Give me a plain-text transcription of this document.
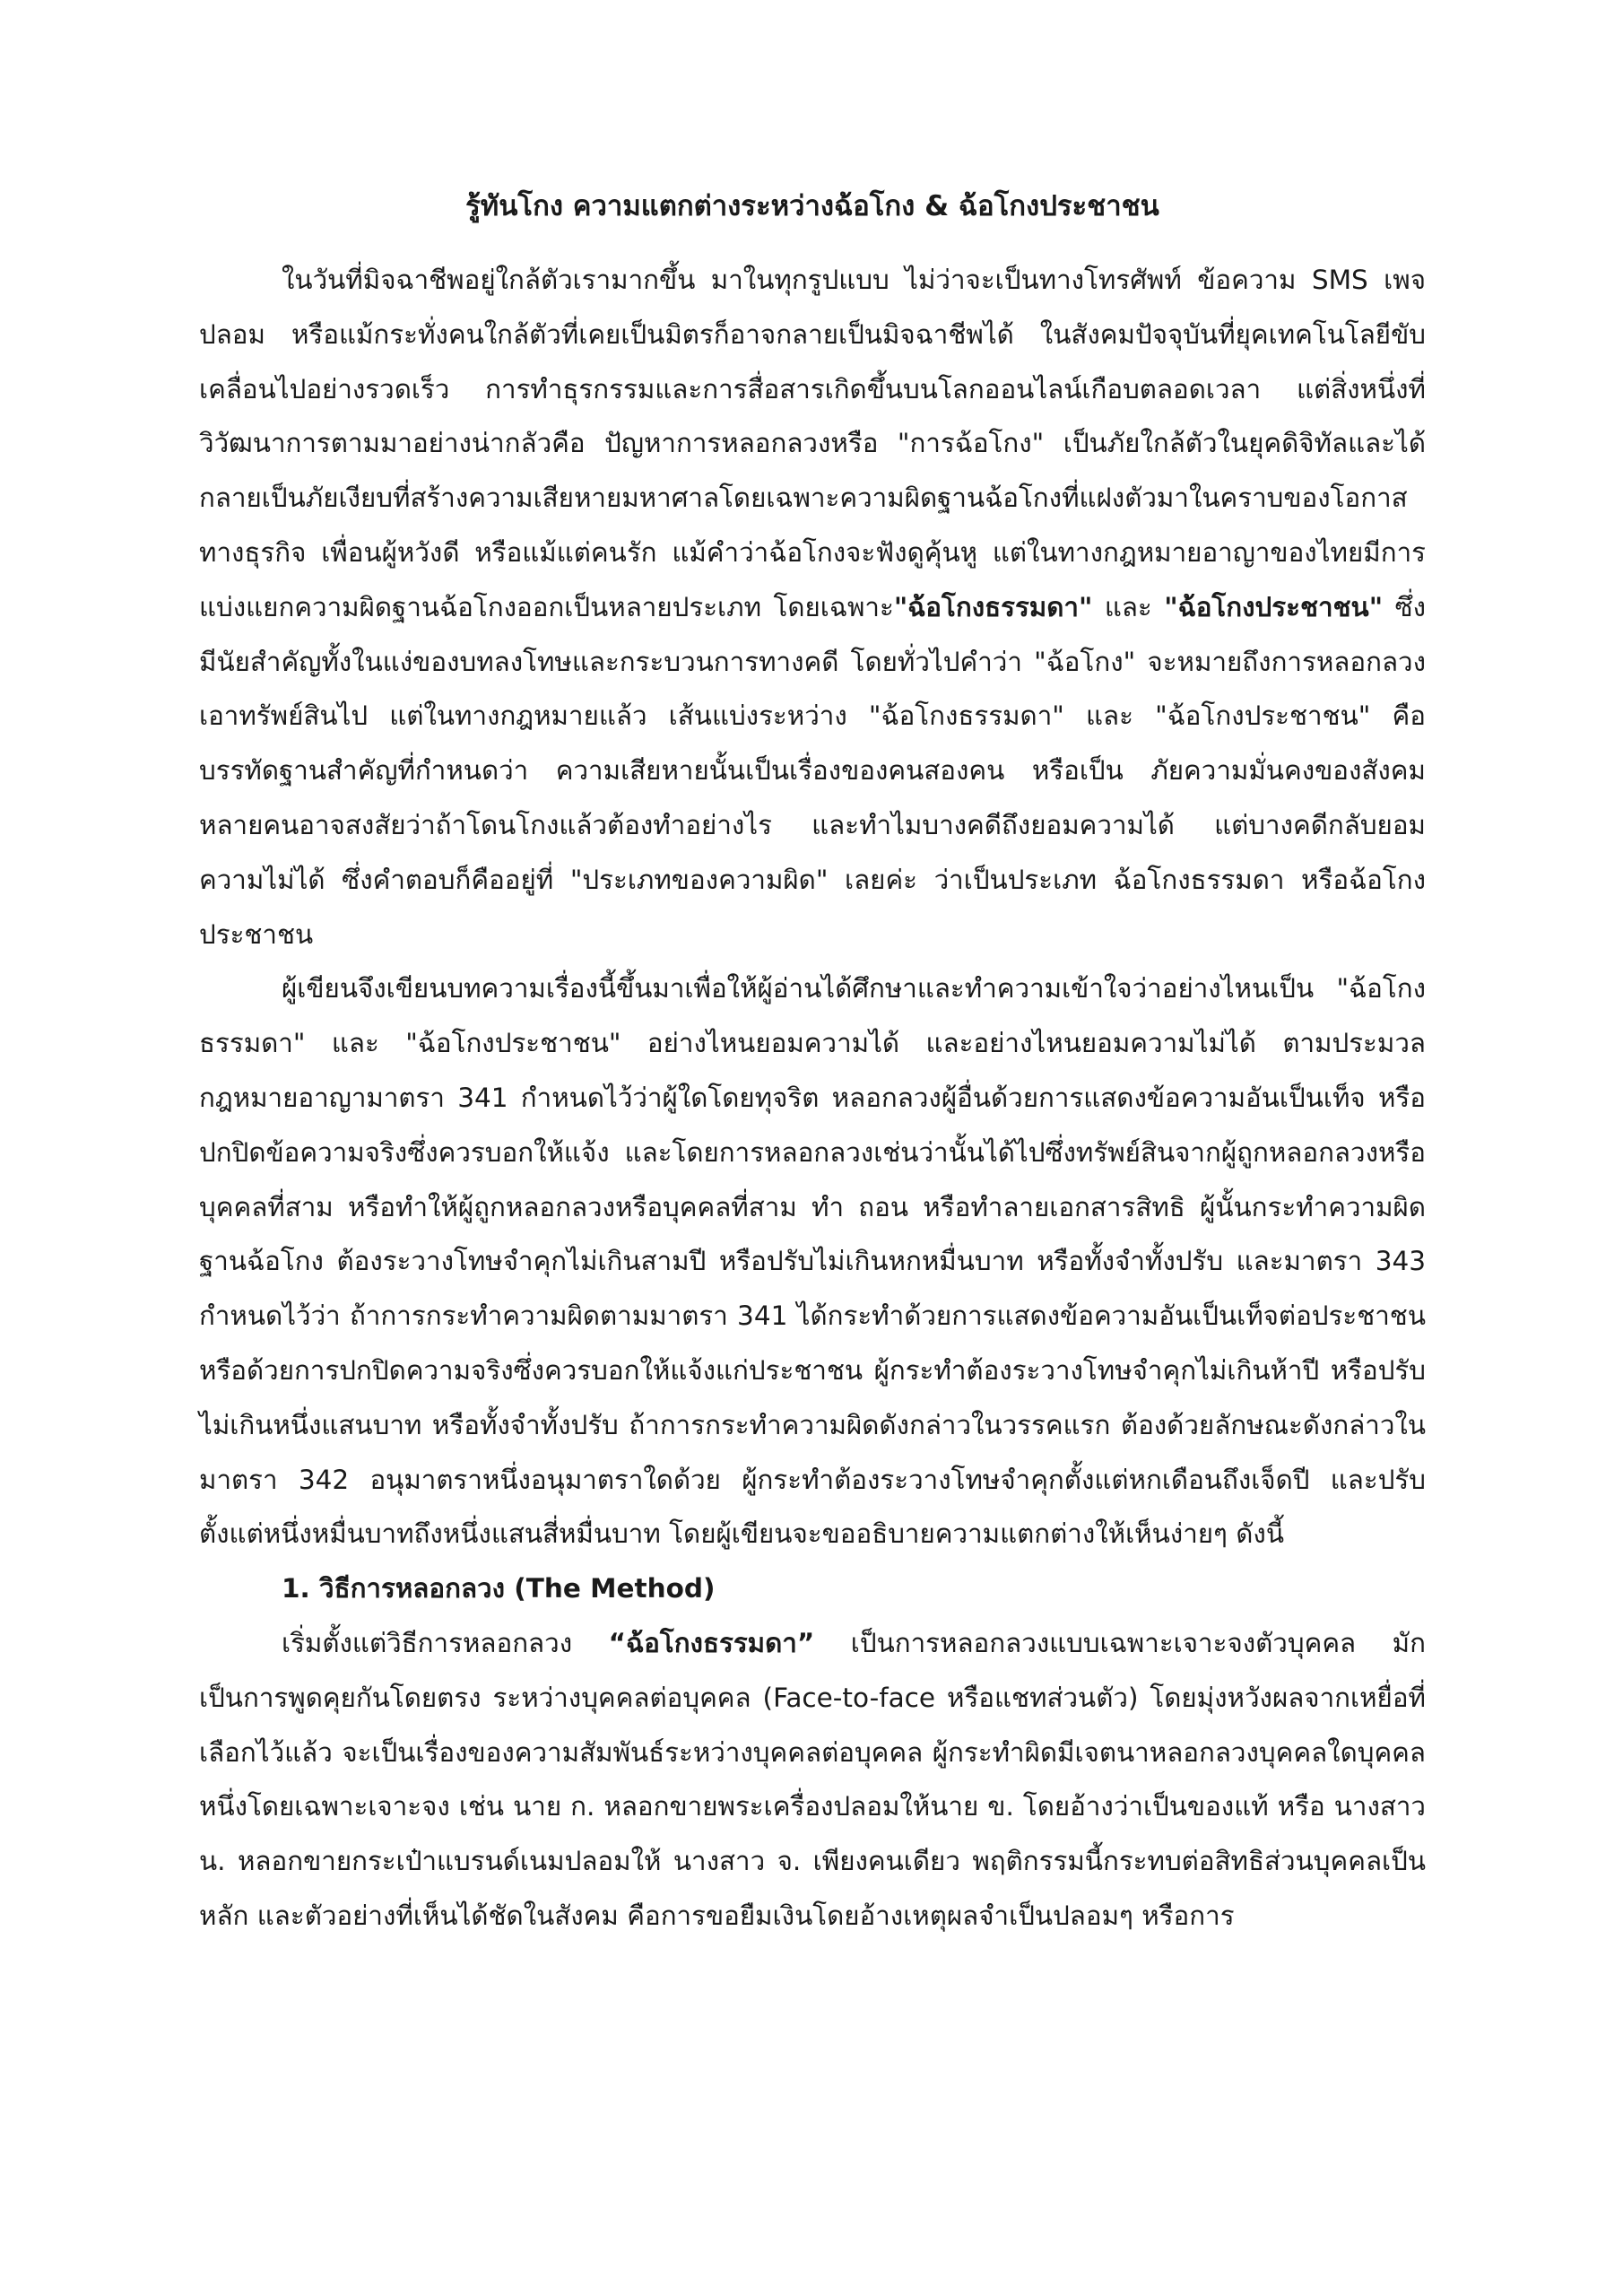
รู้ทันโกง ความแตกต่างระหว่างฉ้อโกง & ฉ้อโกงประชาชน

ในวันที่มิจฉาชีพอยู่ใกล้ตัวเรามากขึ้น มาในทุกรูปแบบ ไม่ว่าจะเป็นทางโทรศัพท์ ข้อความ SMS เพจปลอม หรือแม้กระทั่งคนใกล้ตัวที่เคยเป็นมิตรก็อาจกลายเป็นมิจฉาชีพได้ ในสังคมปัจจุบันที่ยุคเทคโนโลยีขับเคลื่อนไปอย่างรวดเร็ว การทำธุรกรรมและการสื่อสารเกิดขึ้นบนโลกออนไลน์เกือบตลอดเวลา แต่สิ่งหนึ่งที่วิวัฒนาการตามมาอย่างน่ากลัวคือ ปัญหาการหลอกลวงหรือ "การฉ้อโกง" เป็นภัยใกล้ตัวในยุคดิจิทัลและได้กลายเป็นภัยเงียบที่สร้างความเสียหายมหาศาลโดยเฉพาะความผิดฐานฉ้อโกงที่แฝงตัวมาในคราบของโอกาสทางธุรกิจ เพื่อนผู้หวังดี หรือแม้แต่คนรัก แม้คำว่าฉ้อโกงจะฟังดูคุ้นหู แต่ในทางกฎหมายอาญาของไทยมีการแบ่งแยกความผิดฐานฉ้อโกงออกเป็นหลายประเภท โดยเฉพาะ"ฉ้อโกงธรรมดา" และ "ฉ้อโกงประชาชน" ซึ่งมีนัยสำคัญทั้งในแง่ของบทลงโทษและกระบวนการทางคดี โดยทั่วไปคำว่า "ฉ้อโกง" จะหมายถึงการหลอกลวงเอาทรัพย์สินไป แต่ในทางกฎหมายแล้ว เส้นแบ่งระหว่าง "ฉ้อโกงธรรมดา" และ "ฉ้อโกงประชาชน" คือบรรทัดฐานสำคัญที่กำหนดว่า ความเสียหายนั้นเป็นเรื่องของคนสองคน หรือเป็น ภัยความมั่นคงของสังคม หลายคนอาจสงสัยว่าถ้าโดนโกงแล้วต้องทำอย่างไร และทำไมบางคดีถึงยอมความได้ แต่บางคดีกลับยอมความไม่ได้ ซึ่งคำตอบก็คืออยู่ที่ "ประเภทของความผิด" เลยค่ะ ว่าเป็นประเภท ฉ้อโกงธรรมดา หรือฉ้อโกงประชาชน

ผู้เขียนจึงเขียนบทความเรื่องนี้ขึ้นมาเพื่อให้ผู้อ่านได้ศึกษาและทำความเข้าใจว่าอย่างไหนเป็น "ฉ้อโกงธรรมดา" และ "ฉ้อโกงประชาชน" อย่างไหนยอมความได้ และอย่างไหนยอมความไม่ได้ ตามประมวลกฎหมายอาญามาตรา 341 กำหนดไว้ว่าผู้ใดโดยทุจริต หลอกลวงผู้อื่นด้วยการแสดงข้อความอันเป็นเท็จ หรือปกปิดข้อความจริงซึ่งควรบอกให้แจ้ง และโดยการหลอกลวงเช่นว่านั้นได้ไปซึ่งทรัพย์สินจากผู้ถูกหลอกลวงหรือบุคคลที่สาม หรือทำให้ผู้ถูกหลอกลวงหรือบุคคลที่สาม ทำ ถอน หรือทำลายเอกสารสิทธิ ผู้นั้นกระทำความผิดฐานฉ้อโกง ต้องระวางโทษจำคุกไม่เกินสามปี หรือปรับไม่เกินหกหมื่นบาท หรือทั้งจำทั้งปรับ และมาตรา 343 กำหนดไว้ว่า ถ้าการกระทำความผิดตามมาตรา 341 ได้กระทำด้วยการแสดงข้อความอันเป็นเท็จต่อประชาชน หรือด้วยการปกปิดความจริงซึ่งควรบอกให้แจ้งแก่ประชาชน ผู้กระทำต้องระวางโทษจำคุกไม่เกินห้าปี หรือปรับไม่เกินหนึ่งแสนบาท หรือทั้งจำทั้งปรับ ถ้าการกระทำความผิดดังกล่าวในวรรคแรก ต้องด้วยลักษณะดังกล่าวในมาตรา 342 อนุมาตราหนึ่งอนุมาตราใดด้วย ผู้กระทำต้องระวางโทษจำคุกตั้งแต่หกเดือนถึงเจ็ดปี และปรับตั้งแต่หนึ่งหมื่นบาทถึงหนึ่งแสนสี่หมื่นบาท โดยผู้เขียนจะขออธิบายความแตกต่างให้เห็นง่ายๆ ดังนี้

1. วิธีการหลอกลวง (The Method)

เริ่มตั้งแต่วิธีการหลอกลวง “ฉ้อโกงธรรมดา” เป็นการหลอกลวงแบบเฉพาะเจาะจงตัวบุคคล มักเป็นการพูดคุยกันโดยตรง ระหว่างบุคคลต่อบุคคล (Face-to-face หรือแชทส่วนตัว) โดยมุ่งหวังผลจากเหยื่อที่เลือกไว้แล้ว จะเป็นเรื่องของความสัมพันธ์ระหว่างบุคคลต่อบุคคล ผู้กระทำผิดมีเจตนาหลอกลวงบุคคลใดบุคคลหนึ่งโดยเฉพาะเจาะจง เช่น นาย ก. หลอกขายพระเครื่องปลอมให้นาย ข. โดยอ้างว่าเป็นของแท้ หรือ นางสาว น. หลอกขายกระเป๋าแบรนด์เนมปลอมให้ นางสาว จ. เพียงคนเดียว พฤติกรรมนี้กระทบต่อสิทธิส่วนบุคคลเป็นหลัก และตัวอย่างที่เห็นได้ชัดในสังคม คือการขอยืมเงินโดยอ้างเหตุผลจำเป็นปลอมๆ หรือการ
